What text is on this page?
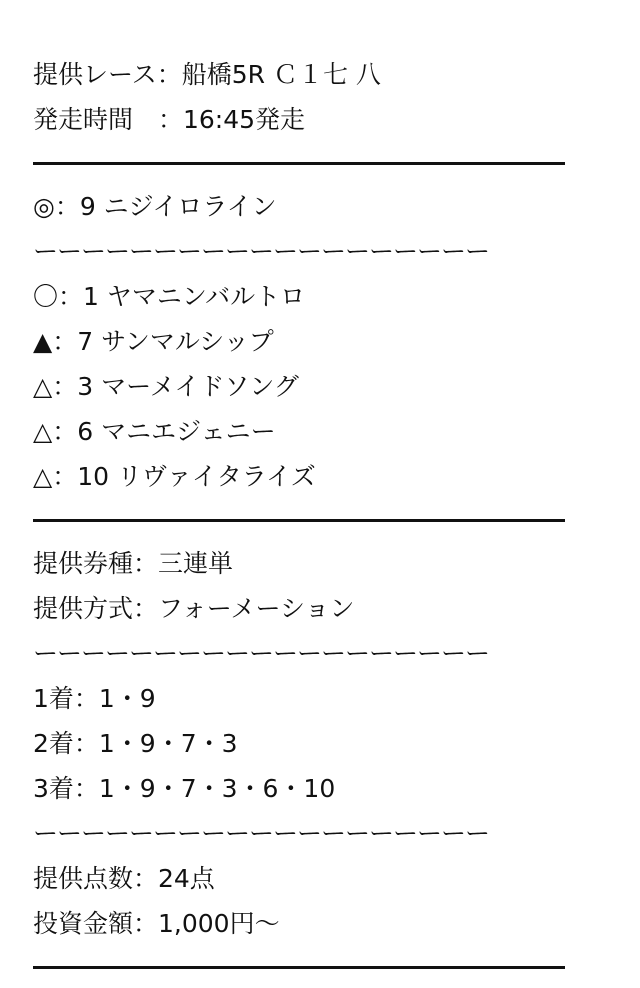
提供レース：船橋5R Ｃ１七 八
発走時間　：16:45発走
◎：9 ニジイロライン
ーーーーーーーーーーーーーーーーーーー
〇：1 ヤマニンバルトロ
▲：7 サンマルシップ
△：3 マーメイドソング
△：6 マニエジェニー
△：10 リヴァイタライズ
提供券種：三連単
提供方式：フォーメーション
ーーーーーーーーーーーーーーーーーーー
1着：1・9
2着：1・9・7・3
3着：1・9・7・3・6・10
ーーーーーーーーーーーーーーーーーーー
提供点数：24点
投資金額：1,000円〜
